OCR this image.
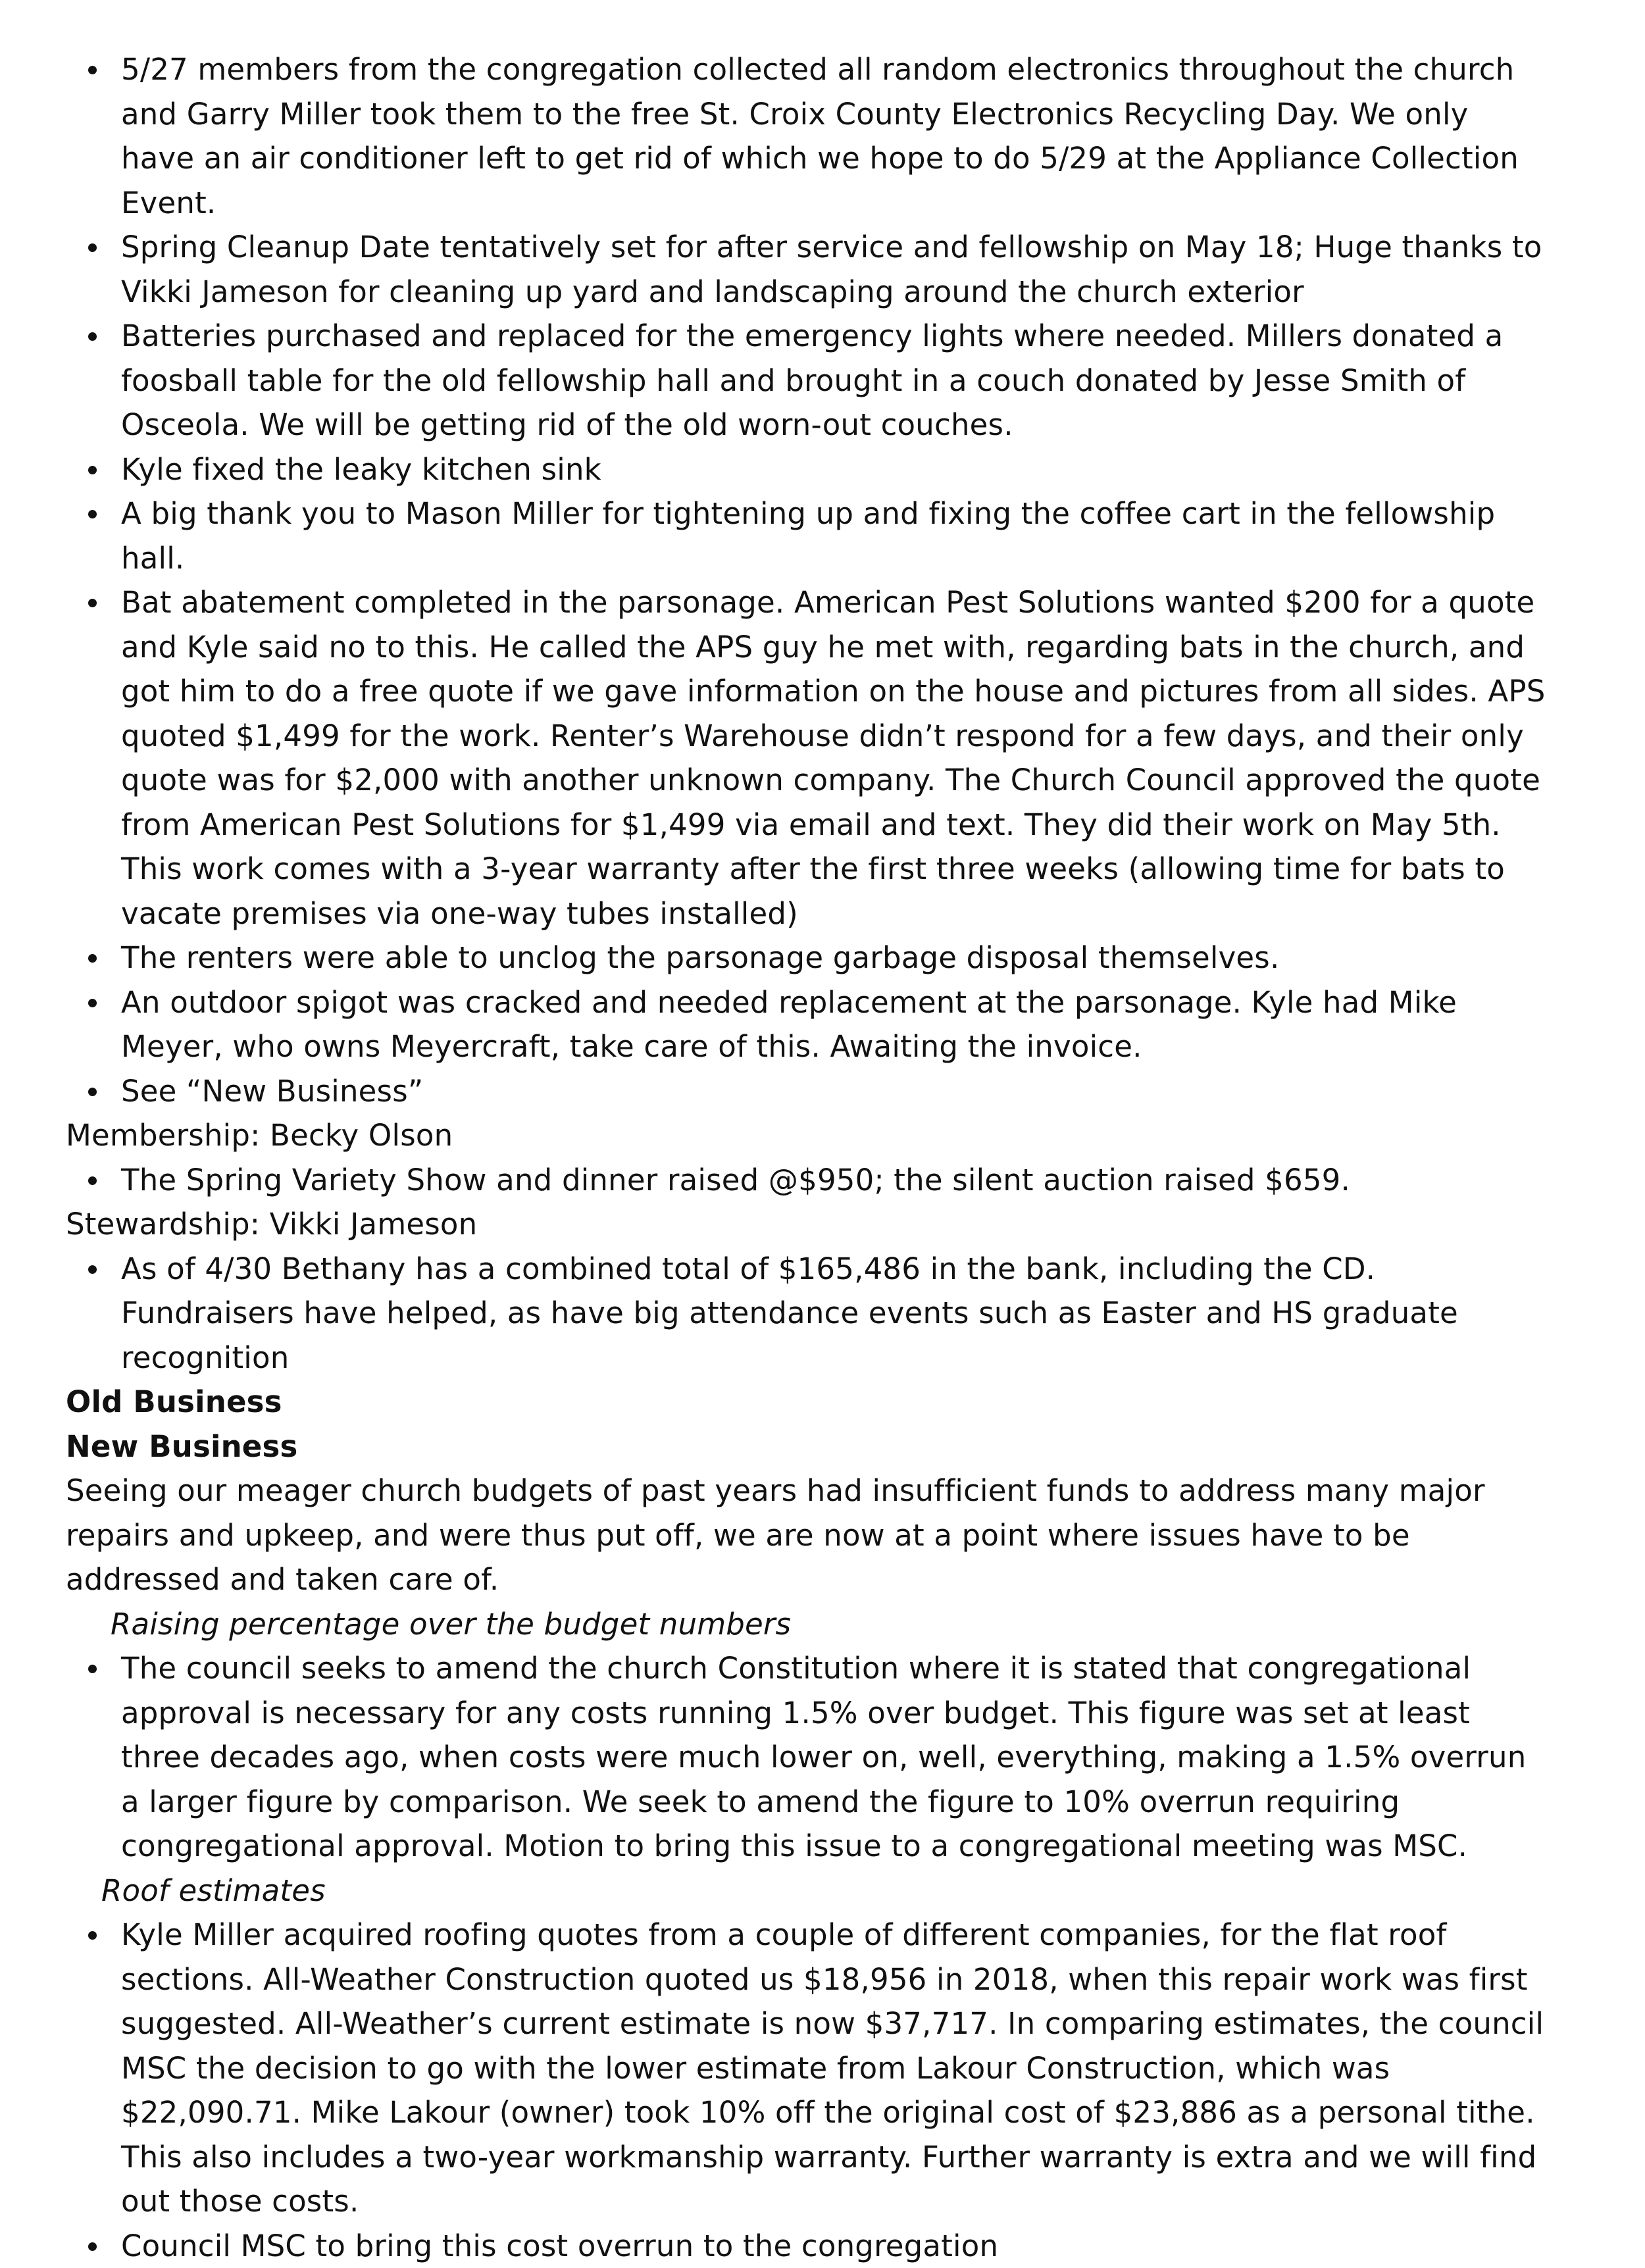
5/27 members from the congregation collected all random electronics throughout the church and Garry Miller took them to the free St. Croix County Electronics Recycling Day. We only have an air conditioner left to get rid of which we hope to do 5/29 at the Appliance Collection Event.
Spring Cleanup Date tentatively set for after service and fellowship on May 18; Huge thanks to Vikki Jameson for cleaning up yard and landscaping around the church exterior
Batteries purchased and replaced for the emergency lights where needed. Millers donated a foosball table for the old fellowship hall and brought in a couch donated by Jesse Smith of Osceola. We will be getting rid of the old worn-out couches.
Kyle fixed the leaky kitchen sink
A big thank you to Mason Miller for tightening up and fixing the coffee cart in the fellowship hall.
Bat abatement completed in the parsonage. American Pest Solutions wanted $200 for a quote and Kyle said no to this. He called the APS guy he met with, regarding bats in the church, and got him to do a free quote if we gave information on the house and pictures from all sides. APS quoted $1,499 for the work. Renter’s Warehouse didn’t respond for a few days, and their only quote was for $2,000 with another unknown company. The Church Council approved the quote from American Pest Solutions for $1,499 via email and text. They did their work on May 5th. This work comes with a 3-year warranty after the first three weeks (allowing time for bats to vacate premises via one-way tubes installed)
The renters were able to unclog the parsonage garbage disposal themselves.
An outdoor spigot was cracked and needed replacement at the parsonage. Kyle had Mike Meyer, who owns Meyercraft, take care of this. Awaiting the invoice.
See “New Business”

Membership: Becky Olson

The Spring Variety Show and dinner raised @$950; the silent auction raised $659.

Stewardship: Vikki Jameson

As of 4/30 Bethany has a combined total of $165,486 in the bank, including the CD. Fundraisers have helped, as have big attendance events such as Easter and HS graduate recognition

Old Business

New Business

Seeing our meager church budgets of past years had insufficient funds to address many major repairs and upkeep, and were thus put off, we are now at a point where issues have to be addressed and taken care of.

Raising percentage over the budget numbers

The council seeks to amend the church Constitution where it is stated that congregational approval is necessary for any costs running 1.5% over budget. This figure was set at least three decades ago, when costs were much lower on, well, everything, making a 1.5% overrun a larger figure by comparison. We seek to amend the figure to 10% overrun requiring congregational approval. Motion to bring this issue to a congregational meeting was MSC.

Roof estimates

Kyle Miller acquired roofing quotes from a couple of different companies, for the flat roof sections. All-Weather Construction quoted us $18,956 in 2018, when this repair work was first suggested. All-Weather’s current estimate is now $37,717. In comparing estimates, the council MSC the decision to go with the lower estimate from Lakour Construction, which was $22,090.71. Mike Lakour (owner) took 10% off the original cost of $23,886 as a personal tithe. This also includes a two-year workmanship warranty. Further warranty is extra and we will find out those costs.
Council MSC to bring this cost overrun to the congregation
